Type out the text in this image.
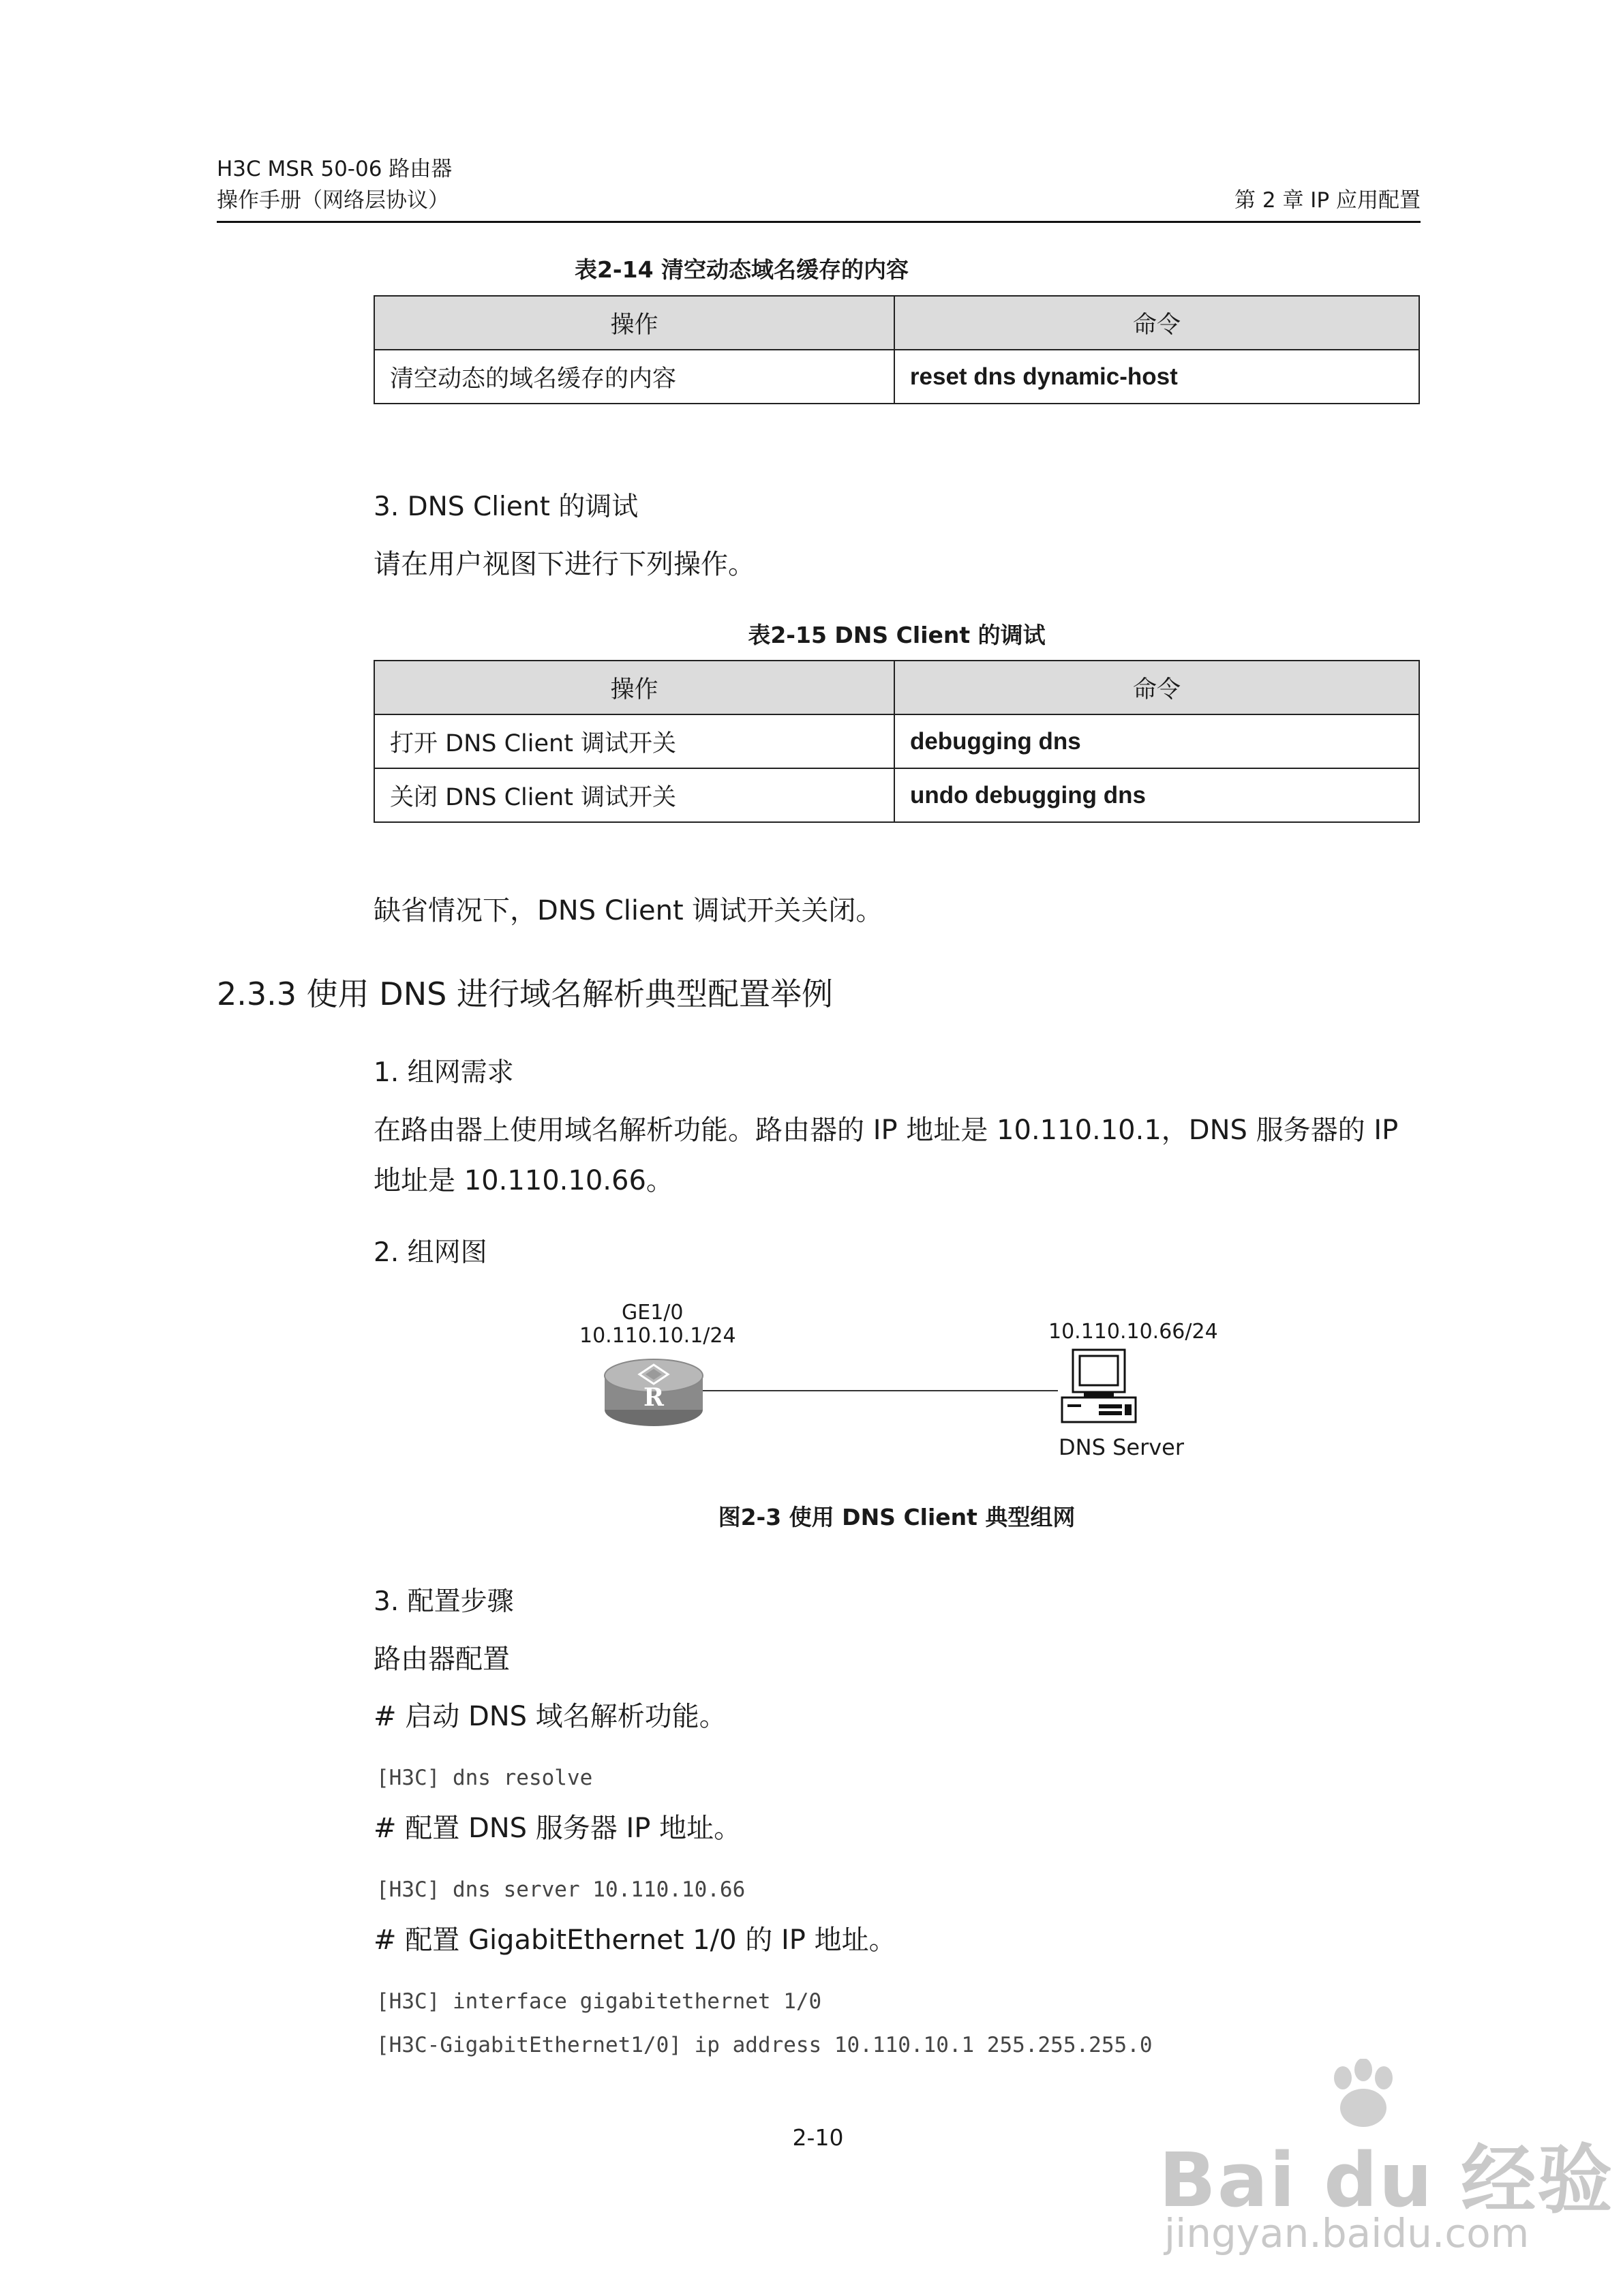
H3C MSR 50-06 路由器
操作手册（网络层协议）	第 2 章 IP 应用配置
表2-14 清空动态域名缓存的内容
操作	命令
清空动态的域名缓存的内容	reset dns dynamic-host
3. DNS Client 的调试
请在用户视图下进行下列操作。
表2-15 DNS Client 的调试
操作	命令
打开 DNS Client 调试开关	debugging dns
关闭 DNS Client 调试开关	undo debugging dns
缺省情况下，DNS Client 调试开关关闭。
2.3.3 使用 DNS 进行域名解析典型配置举例
1. 组网需求
在路由器上使用域名解析功能。路由器的 IP 地址是 10.110.10.1，DNS 服务器的 IP
地址是 10.110.10.66。
2. 组网图
GE1/0
10.110.10.1/24	10.110.10.66/24
R
DNS Server
图2-3 使用 DNS Client 典型组网
3. 配置步骤
路由器配置
# 启动 DNS 域名解析功能。
[H3C] dns resolve
# 配置 DNS 服务器 IP 地址。
[H3C] dns server 10.110.10.66
# 配置 GigabitEthernet 1/0 的 IP 地址。
[H3C] interface gigabitethernet 1/0
[H3C-GigabitEthernet1/0] ip address 10.110.10.1 255.255.255.0
2-10	Bai du 经验
jingyan.baidu.com
